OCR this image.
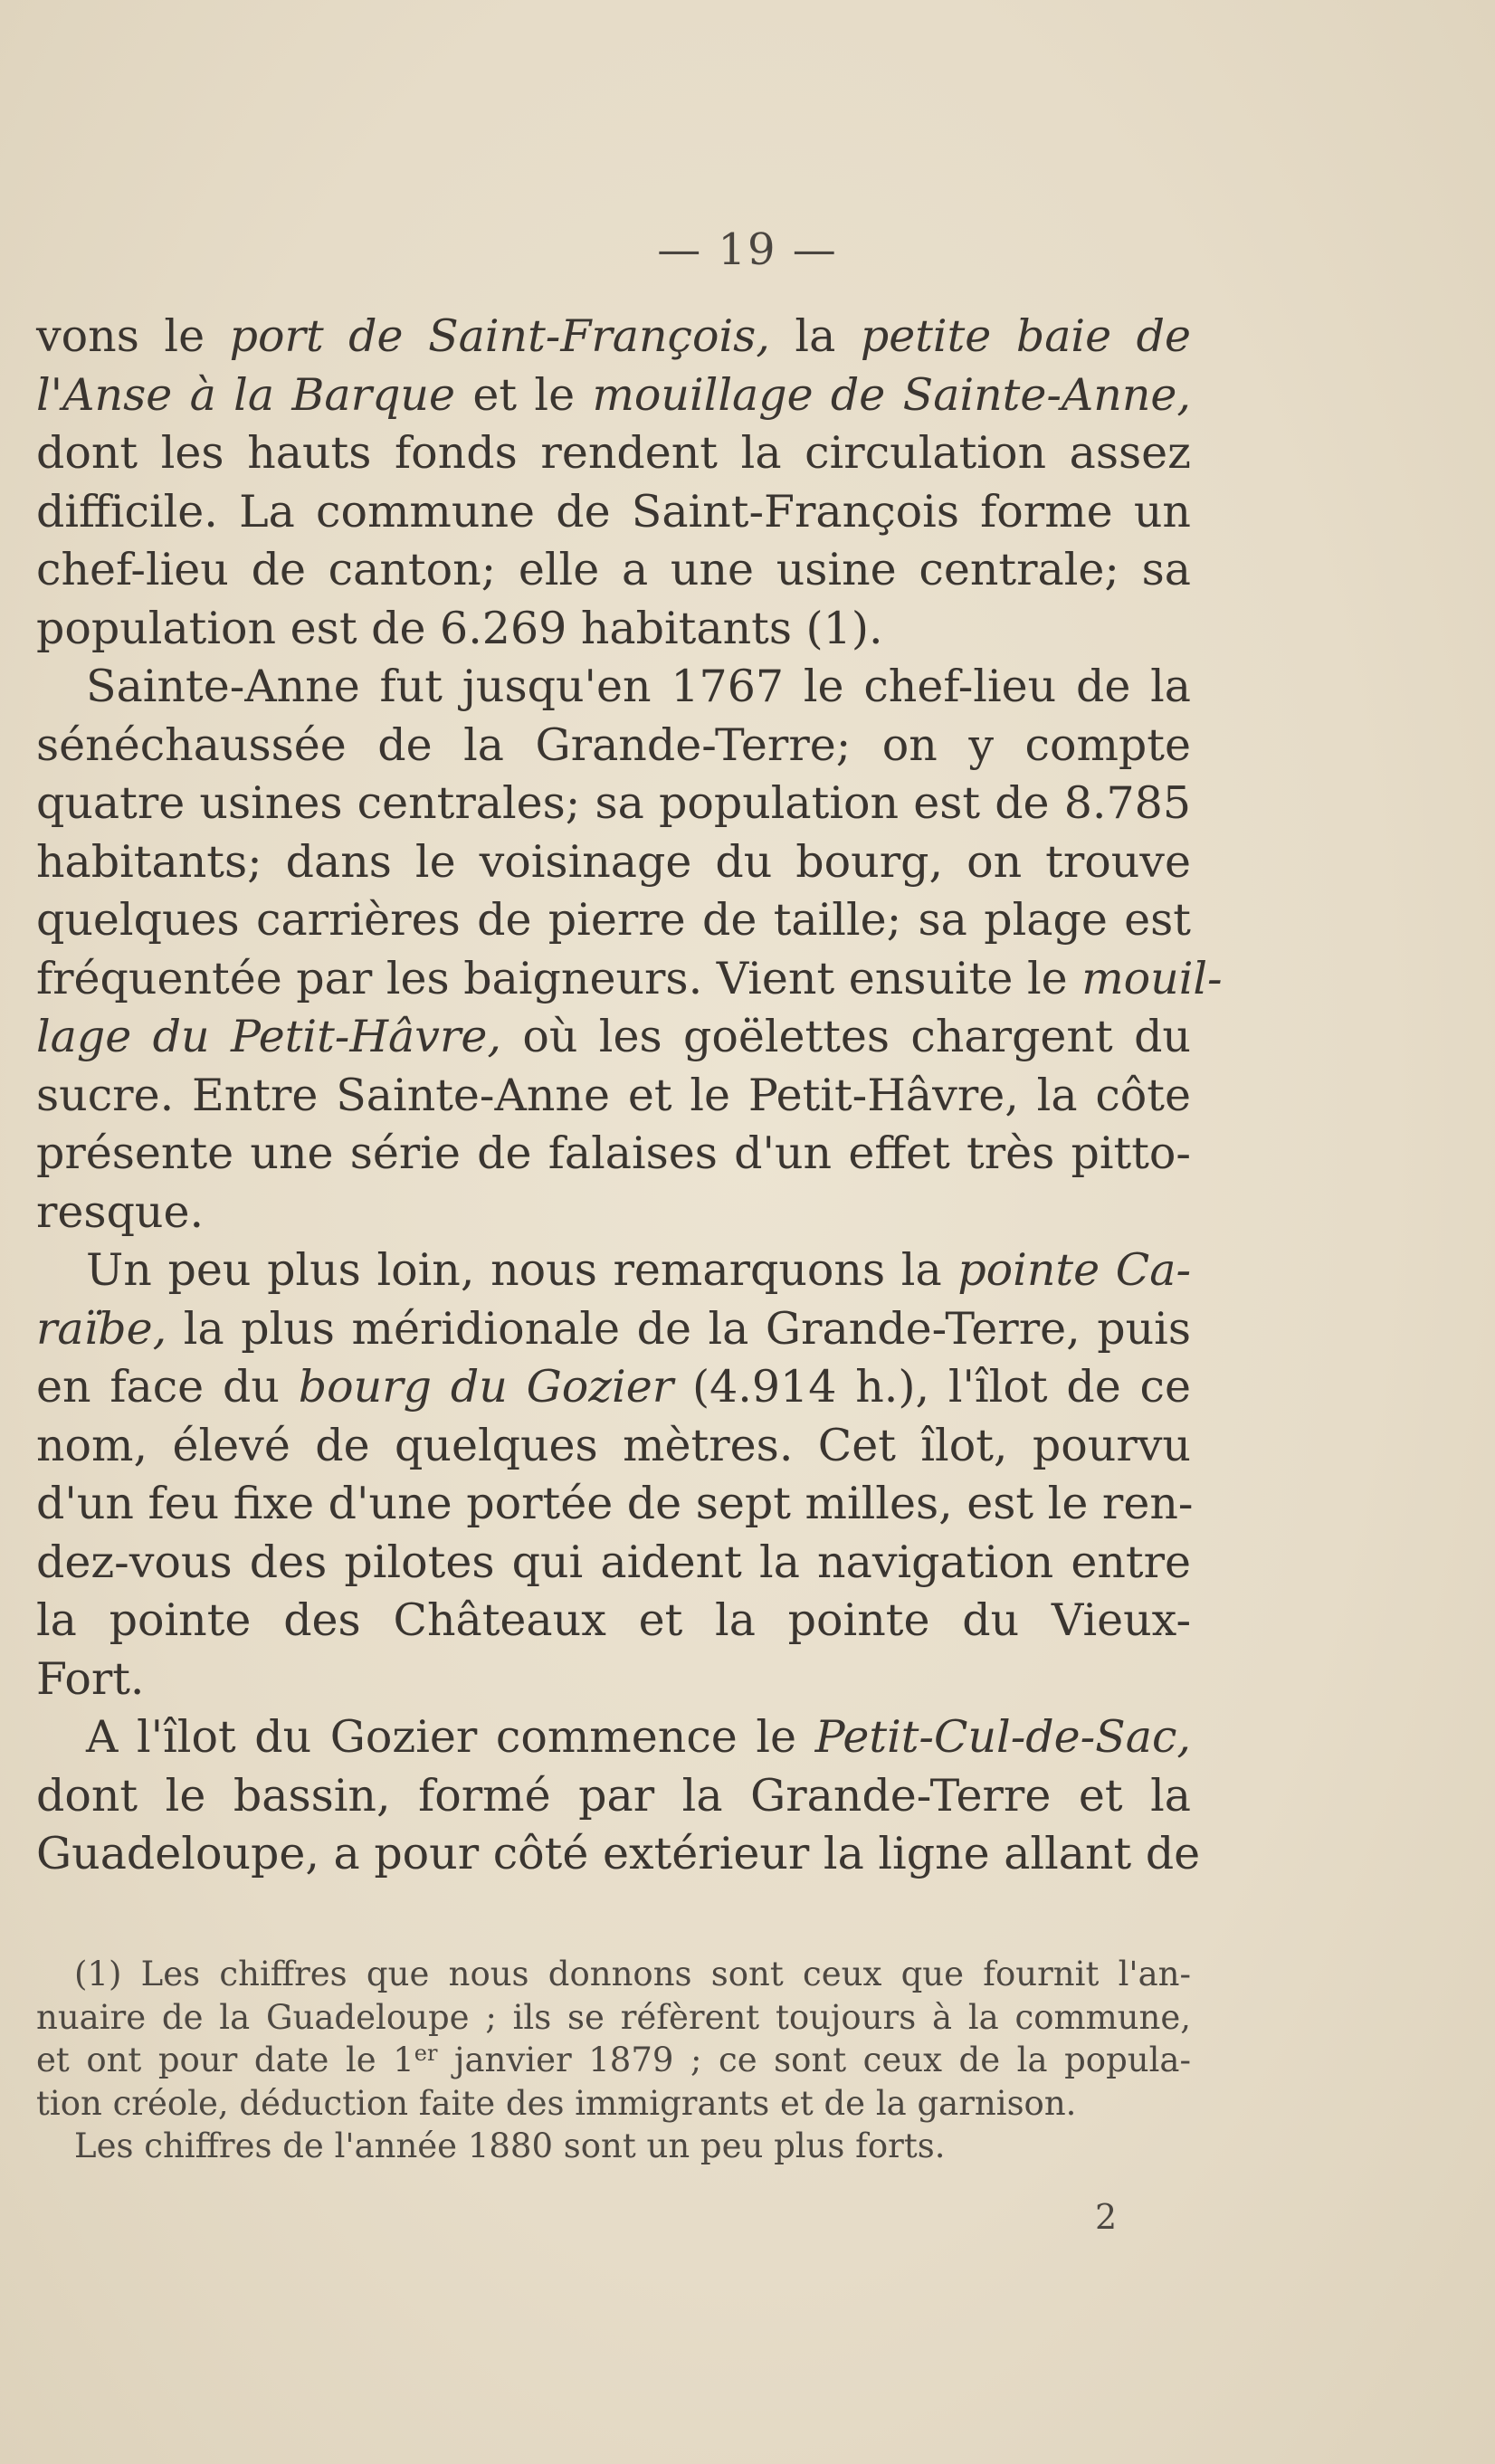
— 19 —
vons le port de Saint-François, la petite baie de
l'Anse à la Barque et le mouillage de Sainte-Anne,
dont les hauts fonds rendent la circulation assez
difficile. La commune de Saint-François forme un
chef-lieu de canton; elle a une usine centrale; sa
population est de 6.269 habitants (1).
Sainte-Anne fut jusqu'en 1767 le chef-lieu de la
sénéchaussée de la Grande-Terre; on y compte
quatre usines centrales; sa population est de 8.785
habitants; dans le voisinage du bourg, on trouve
quelques carrières de pierre de taille; sa plage est
fréquentée par les baigneurs. Vient ensuite le mouil-
lage du Petit-Hâvre, où les goëlettes chargent du
sucre. Entre Sainte-Anne et le Petit-Hâvre, la côte
présente une série de falaises d'un effet très pitto-
resque.
Un peu plus loin, nous remarquons la pointe Ca-
raïbe, la plus méridionale de la Grande-Terre, puis
en face du bourg du Gozier (4.914 h.), l'îlot de ce
nom, élevé de quelques mètres. Cet îlot, pourvu
d'un feu fixe d'une portée de sept milles, est le ren-
dez-vous des pilotes qui aident la navigation entre
la pointe des Châteaux et la pointe du Vieux-
Fort.
A l'îlot du Gozier commence le Petit-Cul-de-Sac,
dont le bassin, formé par la Grande-Terre et la
Guadeloupe, a pour côté extérieur la ligne allant de
(1) Les chiffres que nous donnons sont ceux que fournit l'an-
nuaire de la Guadeloupe ; ils se réfèrent toujours à la commune,
et ont pour date le 1er janvier 1879 ; ce sont ceux de la popula-
tion créole, déduction faite des immigrants et de la garnison.
Les chiffres de l'année 1880 sont un peu plus forts.
2
